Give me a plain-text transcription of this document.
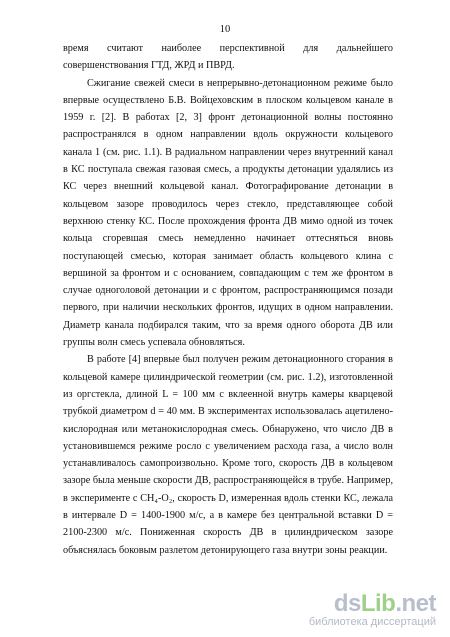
10

время считают наиболее перспективной для дальнейшего совершенствования ГТД, ЖРД и ПВРД.

Сжигание свежей смеси в непрерывно-детонационном режиме было впервые осуществлено Б.В. Войцеховским в плоском кольцевом канале в 1959 г. [2]. В работах [2, 3] фронт детонационной волны постоянно распространялся в одном направлении вдоль окружности кольцевого канала 1 (см. рис. 1.1). В радиальном направлении через внутренний канал в КС поступала свежая газовая смесь, а продукты детонации удалялись из КС через внешний кольцевой канал. Фотографирование детонации в кольцевом зазоре проводилось через стекло, представляющее собой верхнюю стенку КС. После прохождения фронта ДВ мимо одной из точек кольца сгоревшая смесь немедленно начинает оттесняться вновь поступающей смесью, которая занимает область кольцевого клина с вершиной за фронтом и с основанием, совпадающим с тем же фронтом в случае одноголовой детонации и с фронтом, распространяющимся позади первого, при наличии нескольких фронтов, идущих в одном направлении. Диаметр канала подбирался таким, что за время одного оборота ДВ или группы волн смесь успевала обновляться.

В работе [4] впервые был получен режим детонационного сгорания в кольцевой камере цилиндрической геометрии (см. рис. 1.2), изготовленной из оргстекла, длиной L = 100 мм с вклеенной внутрь камеры кварцевой трубкой диаметром d = 40 мм. В экспериментах использовалась ацетилено-кислородная или метанокислородная смесь. Обнаружено, что число ДВ в установившемся режиме росло с увеличением расхода газа, а число волн устанавливалось самопроизвольно. Кроме того, скорость ДВ в кольцевом зазоре была меньше скорости ДВ, распространяющейся в трубе. Например, в эксперименте с CH₄-O₂, скорость D, измеренная вдоль стенки КС, лежала в интервале D = 1400-1900 м/с, а в камере без центральной вставки D = 2100-2300 м/с. Пониженная скорость ДВ в цилиндрическом зазоре объяснялась боковым разлетом детонирующего газа внутри зоны реакции.

dsLib.net
библиотека диссертаций
